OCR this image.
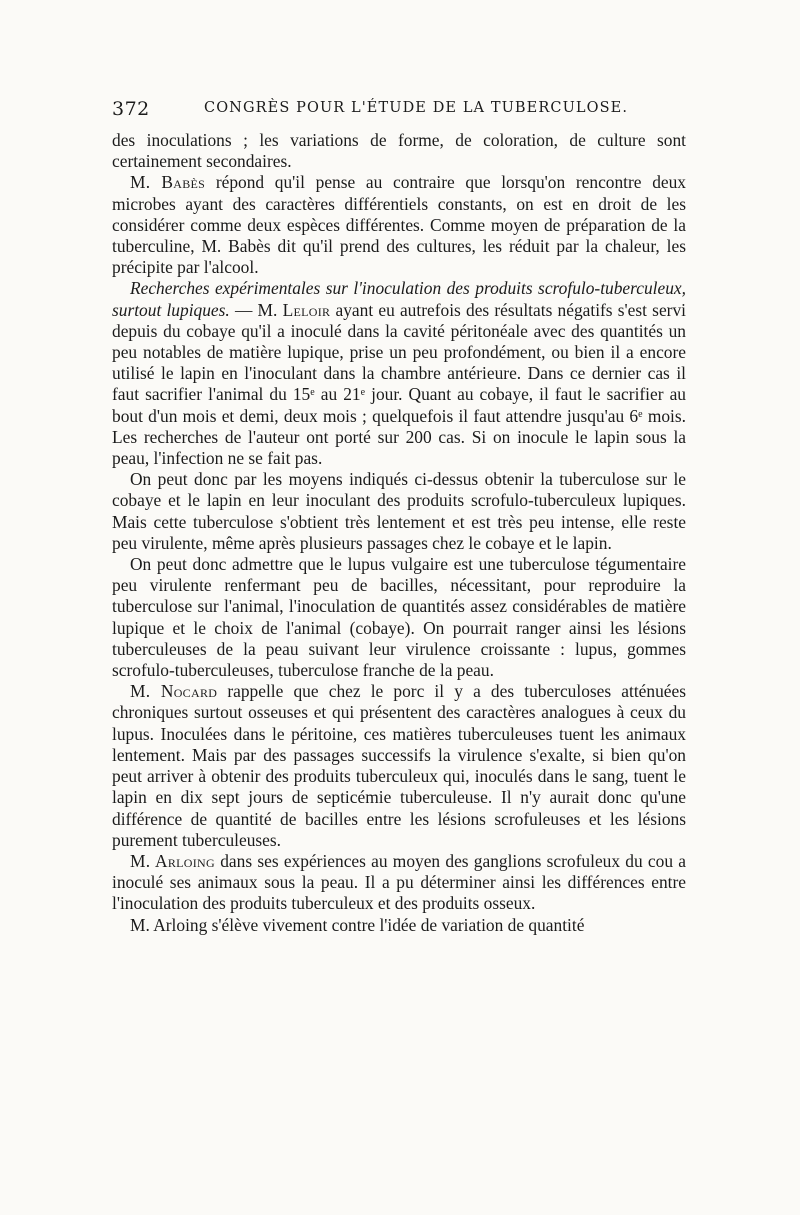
372	CONGRÈS POUR L'ÉTUDE DE LA TUBERCULOSE.

des inoculations ; les variations de forme, de coloration, de culture sont certainement secondaires.

M. Babès répond qu'il pense au contraire que lorsqu'on rencontre deux microbes ayant des caractères différentiels constants, on est en droit de les considérer comme deux espèces différentes. Comme moyen de préparation de la tuberculine, M. Babès dit qu'il prend des cultures, les réduit par la chaleur, les précipite par l'alcool.

Recherches expérimentales sur l'inoculation des produits scrofulo-tuberculeux, surtout lupiques. — M. Leloir ayant eu autrefois des résultats négatifs s'est servi depuis du cobaye qu'il a inoculé dans la cavité péritonéale avec des quantités un peu notables de matière lupique, prise un peu profondément, ou bien il a encore utilisé le lapin en l'inoculant dans la chambre antérieure. Dans ce dernier cas il faut sacrifier l'animal du 15e au 21e jour. Quant au cobaye, il faut le sacrifier au bout d'un mois et demi, deux mois ; quelquefois il faut attendre jusqu'au 6e mois. Les recherches de l'auteur ont porté sur 200 cas. Si on inocule le lapin sous la peau, l'infection ne se fait pas.

On peut donc par les moyens indiqués ci-dessus obtenir la tuberculose sur le cobaye et le lapin en leur inoculant des produits scrofulo-tuberculeux lupiques. Mais cette tuberculose s'obtient très lentement et est très peu intense, elle reste peu virulente, même après plusieurs passages chez le cobaye et le lapin.

On peut donc admettre que le lupus vulgaire est une tuberculose tégumentaire peu virulente renfermant peu de bacilles, nécessitant, pour reproduire la tuberculose sur l'animal, l'inoculation de quantités assez considérables de matière lupique et le choix de l'animal (cobaye). On pourrait ranger ainsi les lésions tuberculeuses de la peau suivant leur virulence croissante : lupus, gommes scrofulo-tuberculeuses, tuberculose franche de la peau.

M. Nocard rappelle que chez le porc il y a des tuberculoses atténuées chroniques surtout osseuses et qui présentent des caractères analogues à ceux du lupus. Inoculées dans le péritoine, ces matières tuberculeuses tuent les animaux lentement. Mais par des passages successifs la virulence s'exalte, si bien qu'on peut arriver à obtenir des produits tuberculeux qui, inoculés dans le sang, tuent le lapin en dix sept jours de septicémie tuberculeuse. Il n'y aurait donc qu'une différence de quantité de bacilles entre les lésions scrofuleuses et les lésions purement tuberculeuses.

M. Arloing dans ses expériences au moyen des ganglions scrofuleux du cou a inoculé ses animaux sous la peau. Il a pu déterminer ainsi les différences entre l'inoculation des produits tuberculeux et des produits osseux.

M. Arloing s'élève vivement contre l'idée de variation de quantité
